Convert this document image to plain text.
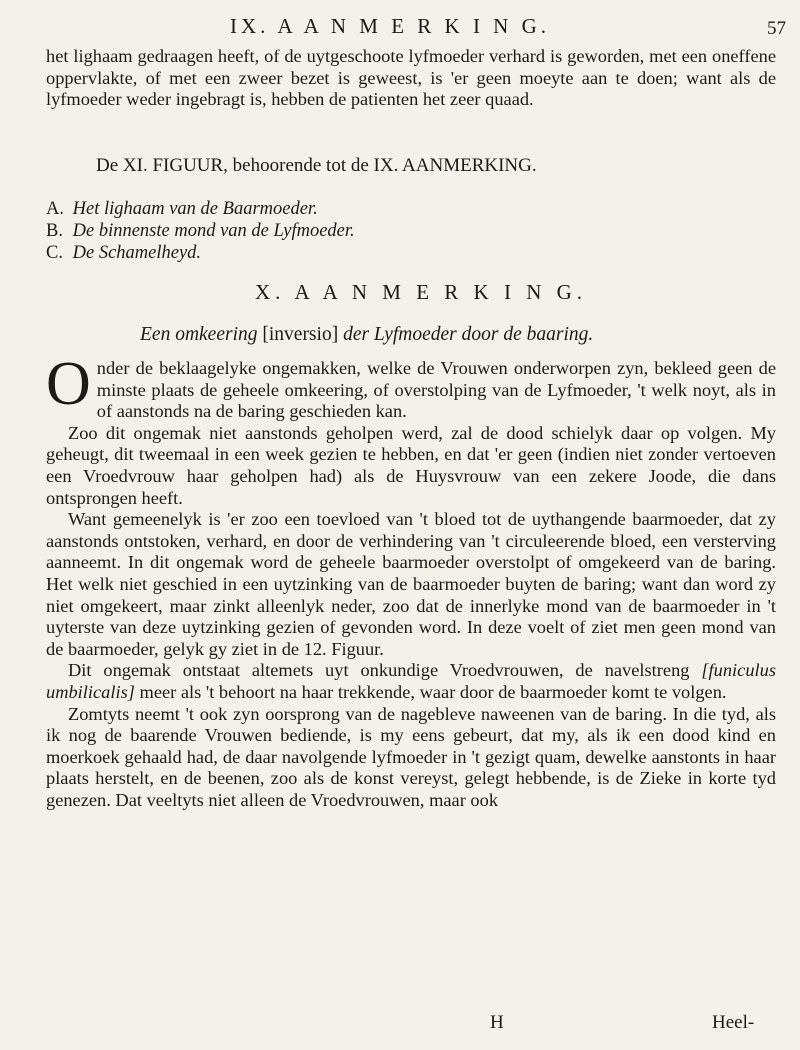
IX. A A N M E R K I N G.	57

het lighaam gedraagen heeft, of de uytgeschoote lyfmoeder verhard is geworden, met een oneffene oppervlakte, of met een zweer bezet is geweest, is 'er geen moeyte aan te doen; want als de lyfmoeder weder ingebragt is, hebben de patienten het zeer quaad.

De XI. FIGUUR, behoorende tot de IX. AANMERKING.
A. Het lighaam van de Baarmoeder.
B. De binnenste mond van de Lyfmoeder.
C. De Schamelheyd.
X. A A N M E R K I N G.
Een omkeering [inversio] der Lyfmoeder door de baaring.
O nder de beklaagelyke ongemakken, welke de Vrouwen onderworpen zyn, bekleed geen de minste plaats de geheele omkeering, of overstolping van de Lyfmoeder, 't welk noyt, als in of aanstonds na de baring geschieden kan.

Zoo dit ongemak niet aanstonds geholpen werd, zal de dood schielyk daar op volgen. My geheugt, dit tweemaal in een week gezien te hebben, en dat 'er geen (indien niet zonder vertoeven een Vroedvrouw haar geholpen had) als de Huysvrouw van een zekere Joode, die dans ontsprongen heeft.

Want gemeenelyk is 'er zoo een toevloed van 't bloed tot de uythangende baarmoeder, dat zy aanstonds ontstoken, verhard, en door de verhindering van 't circuleerende bloed, een versterving aanneemt. In dit ongemak word de geheele baarmoeder overstolpt of omgekeerd van de baring. Het welk niet geschied in een uytzinking van de baarmoeder buyten de baring; want dan word zy niet omgekeert, maar zinkt alleenlyk neder, zoo dat de innerlyke mond van de baarmoeder in 't uyterste van deze uytzinking gezien of gevonden word. In deze voelt of ziet men geen mond van de baarmoeder, gelyk gy ziet in de 12. Figuur.

Dit ongemak ontstaat altemets uyt onkundige Vroedvrouwen, de navelstreng [funiculus umbilicalis] meer als 't behoort na haar trekkende, waar door de baarmoeder komt te volgen.

Zomtyts neemt 't ook zyn oorsprong van de nagebleve naweenen van de baring. In die tyd, als ik nog de baarende Vrouwen bediende, is my eens gebeurt, dat my, als ik een dood kind en moerkoek gehaald had, de daar navolgende lyfmoeder in 't gezigt quam, dewelke aanstonts in haar plaats herstelt, en de beenen, zoo als de konst vereyst, gelegt hebbende, is de Zieke in korte tyd genezen. Dat veeltyts niet alleen de Vroedvrouwen, maar ook

H	Heel-
